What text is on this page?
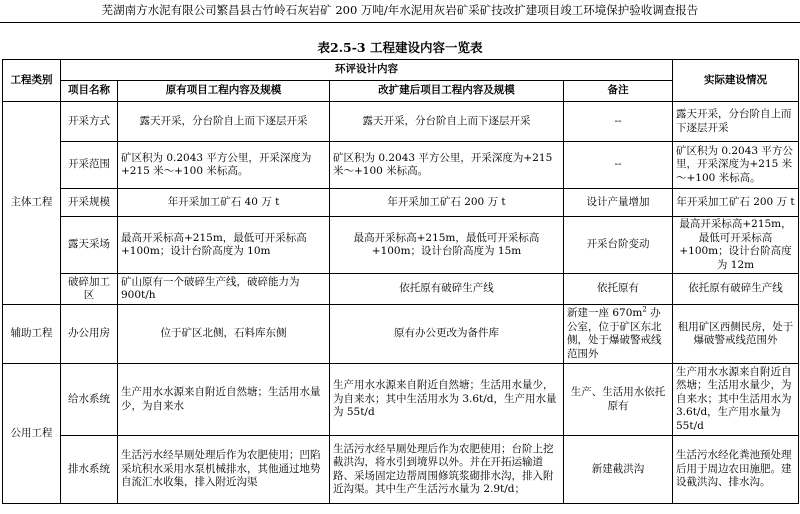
芜湖南方水泥有限公司繁昌县古竹岭石灰岩矿 200 万吨/年水泥用灰岩矿采矿技改扩建项目竣工环境保护验收调查报告
表2.5-3 工程建设内容一览表
工程类别	环评设计内容				实际建设情况
	项目名称	原有项目工程内容及规模	改扩建后项目工程内容及规模	备注	
主体工程	开采方式	露天开采，分台阶自上而下逐层开采	露天开采，分台阶自上而下逐层开采	--	露天开采，分台阶自上而下逐层开采
	开采范围	矿区积为 0.2043 平方公里，开采深度为+215 米～+100 米标高。	矿区积为 0.2043 平方公里，开采深度为+215 米～+100 米标高。	--	矿区积为 0.2043 平方公里，开采深度为+215 米～+100 米标高。
	开采规模	年开采加工矿石 40 万 t	年开采加工矿石 200 万 t	设计产量增加	年开采加工矿石 200 万 t
	露天采场	最高开采标高+215m，最低可开采标高+100m；设计台阶高度为 10m	最高开采标高+215m，最低可开采标高+100m；设计台阶高度为 15m	开采台阶变动	最高开采标高+215m，最低可开采标高+100m；设计台阶高度为 12m
	破碎加工区	矿山原有一个破碎生产线，破碎能力为 900t/h	依托原有破碎生产线	依托原有	依托原有破碎生产线
辅助工程	办公用房	位于矿区北侧，石料库东侧	原有办公更改为备件库	新建一座 $670m^2$ 办公室，位于矿区东北侧，处于爆破警戒线范围外	租用矿区西侧民房，处于爆破警戒线范围外
公用工程	给水系统	生产用水水源来自附近自然塘；生活用水量少，为自来水	生产用水水源来自附近自然塘；生活用水量少，为自来水；其中生活用水为 3.6t/d，生产用水量为 55t/d	生产、生活用水依托原有	生产用水水源来自附近自然塘；生活用水量少，为自来水；其中生活用水为 3.6t/d，生产用水量为 55t/d
	排水系统	生活污水经旱厕处理后作为农肥使用；凹陷采坑积水采用水泵机械排水，其他通过地势自流汇水收集，排入附近沟渠	生活污水经旱厕处理后作为农肥使用；台阶上挖截洪沟，将水引到境界以外。并在开拓运输道路、采场固定边帮周围修筑浆砌排水沟，排入附近沟渠。其中生产生活污水量为 2.9t/d；	新建截洪沟	生活污水经化粪池预处理后用于周边农田施肥。建设截洪沟、排水沟。
